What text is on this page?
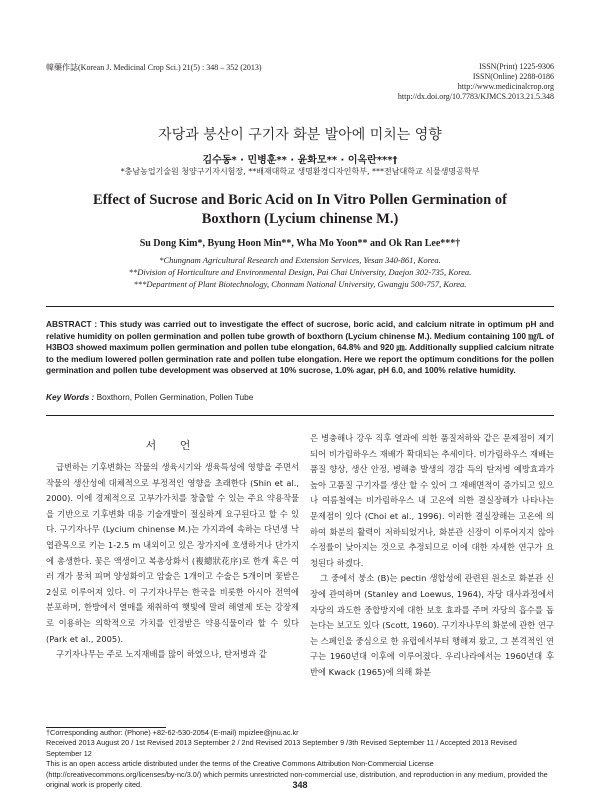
韓藥作誌(Korean J. Medicinal Crop Sci.) 21(5) : 348 – 352 (2013)	ISSN(Print) 1225-9306
ISSN(Online) 2288-0186
http://www.medicinalcrop.org
http://dx.doi.org/10.7783/KJMCS.2013.21.5.348
자당과 붕산이 구기자 화분 발아에 미치는 영향
김수동* · 민병훈** · 윤화모** · 이옥란***†
*충남농업기술원 청양구기자시험장, **배재대학교 생명환경디자인학부, ***전남대학교 식물생명공학부
Effect of Sucrose and Boric Acid on In Vitro Pollen Germination of
Boxthorn (Lycium chinense M.)
Su Dong Kim*, Byung Hoon Min**, Wha Mo Yoon** and Ok Ran Lee***†
*Chungnam Agricultural Research and Extension Services, Yesan 340-861, Korea.
**Division of Horticulture and Environmental Design, Pai Chai University, Daejon 302-735, Korea.
***Department of Plant Biotechnology, Chonnam National University, Gwangju 500-757, Korea.
ABSTRACT : This study was carried out to investigate the effect of sucrose, boric acid, and calcium nitrate in optimum pH and relative humidity on pollen germination and pollen tube growth of boxthorn (Lycium chinense M.). Medium containing 100 ㎎/L of H3BO3 showed maximum pollen germination and pollen tube elongation, 64.8% and 920 ㎛. Additionally supplied calcium nitrate to the medium lowered pollen germination rate and pollen tube elongation. Here we report the optimum conditions for the pollen germination and pollen tube development was observed at 10% sucrose, 1.0% agar, pH 6.0, and 100% relative humidity.
Key Words : Boxthorn, Pollen Germination, Pollen Tube
서 언

급변하는 기후변화는 작물의 생육시기와 생육특성에 영향을 주면서 작물의 생산성에 대체적으로 부정적인 영향을 초래한다 (Shin et al., 2000). 이에 경제적으로 고부가가치를 창출할 수 있는 주요 약용작물을 기반으로 기후변화 대응 기술개발이 절실하게 요구된다고 할 수 있다. 구기자나무 (Lycium chinense M.)는 가지과에 속하는 다년생 낙엽관목으로 키는 1-2.5 m 내외이고 있은 장가지에 호생하거나 단가지에 총생한다. 꽃은 액생이고 복총상화서 (複總狀花序)로 한개 혹은 여러 개가 뭉쳐 피며 양성화이고 암술은 1개이고 수술은 5개이며 꽃받은 2실로 이루어져 있다. 이 구기자나무는 한국을 비롯한 아시아 전역에 분포하며, 한방에서 열매를 채취하여 햇빛에 말려 해열제 또는 강장제로 이용하는 의학적으로 가치를 인정받은 약용식물이라 할 수 있다 (Park et al., 2005).

구기자나무는 주로 노지재배를 많이 하였으나, 탄저병과 같

은 병충해나 강우 직후 열과에 의한 품질저하와 같은 문제점이 제기되어 비가림하우스 재배가 확대되는 추세이다. 비가림하우스 재배는 품질 향상, 생산 안정, 병해충 발생의 경감 득의 탄저병 예방효과가 높아 고품질 구기자를 생산 할 수 있어 그 재배면적이 증가되고 있으나 여름철에는 비가림하우스 내 고온에 의한 결실장해가 나타나는 문제점이 있다 (Choi et al., 1996). 이러한 결실장해는 고온에 의하여 화분의 활력이 저하되었거나, 화분관 신장이 이루어지지 않아 수정률이 낮아지는 것으로 추정되므로 이에 대한 자세한 연구가 요청된다 하겠다.

그 중에서 붕소 (B)는 pectin 생합성에 관련된 원소로 화분관 신장에 관여하며 (Stanley and Loewus, 1964), 자당 대사과정에서 자당의 과도한 중합방지에 대한 보호 효과를 주며 자당의 흡수를 돕는다는 보고도 있다 (Scott, 1960). 구기자나무의 화분에 관한 연구는 스페인을 중심으로 한 유럽에서부터 행해져 왔고, 그 본격적인 연구는 1960년대 이후에 이루어졌다. 우리나라에서는 1960년대 후반에 Kwack (1965)에 의해 화분

†Corresponding author: (Phone) +82-62-530-2054 (E-mail) mpizlee@jnu.ac.kr

Received 2013 August 20 / 1st Revised 2013 September 2 / 2nd Revised 2013 September 9 /3th Revised September 11 / Accepted 2013 Revised September 12

This is an open access article distributed under the terms of the Creative Commons Attribution Non-Commercial License (http://creativecommons.org/licenses/by-nc/3.0/) which permits unrestricted non-commercial use, distribution, and reproduction in any medium, provided the original work is properly cited.	348
